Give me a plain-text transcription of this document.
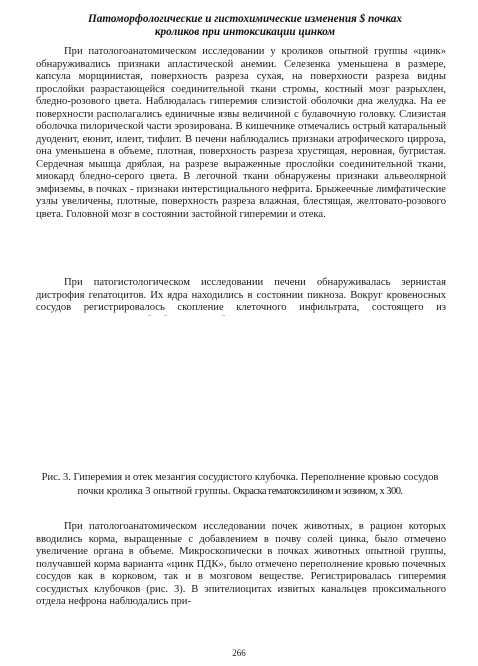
Патоморфологические и гистохимические изменения $ почках
кроликов при интоксикации цинком

При патологоанатомическом исследовании у кроликов опытной группы «цинк» обнаруживались признаки апластической анемии. Селезенка уменьшена в размере, капсула морщинистая, поверхность разреза сухая, на поверхности разреза видны прослойки разрастающейся соединительной ткани стромы, костный мозг разрыхлен, бледно-розового цвета. Наблюдалась гиперемия слизистой оболочки дна желудка. На ее поверхности располагались единичные язвы величиной с булавочную головку. Слизистая оболочка пилорической части эрозирована. В кишечнике отмечались острый катаральный дуоденит, еюнит, илеит, тифлит. В печени наблюдались признаки атрофического цирроза, она уменьшена в объеме, плотная, поверхность разреза хрустящая, неровная, бугристая. Сердечная мышца дряблая, на разрезе выраженные прослойки соединительной ткани, миокард бледно-серого цвета. В легочной ткани обнаружены признаки альвеолярной эмфиземы, в почках - признаки интерстициального нефрита. Брыжеечные лимфатические узлы увеличены, плотные, поверхность разреза влажная, блестящая, желтовато-розового цвета. Головной мозг в состоянии застойной гиперемии и отека.

При патогистологическом исследовании печени обнаруживалась зернистая дистрофия гепатоцитов. Их ядра находились в состоянии пикноза. Вокруг кровеносных сосудов регистрировалось скопление клеточного инфильтрата, состоящего из

Рис. 3. Гиперемия и отек мезангия сосудистого клубочка. Переполнение кровью сосудов почки кролика 3 опытной группы. Окраска гематоксилином и эозином, х 300.

При патологоанатомическом исследовании почек животных, в рацион которых вводились корма, выращенные с добавлением в почву солей цинка, было отмечено увеличение органа в объеме. Микроскопически в почках животных опытной группы, получавшей корма варианта «цинк ПДК», было отмечено переполнение кровью почечных сосудов как в корковом, так и в мозговом веществе. Регистрировалась гиперемия сосудистых клубочков (рис. 3). В эпителиоцитах извитых канальцев проксимального отдела нефрона наблюдались при-

266
